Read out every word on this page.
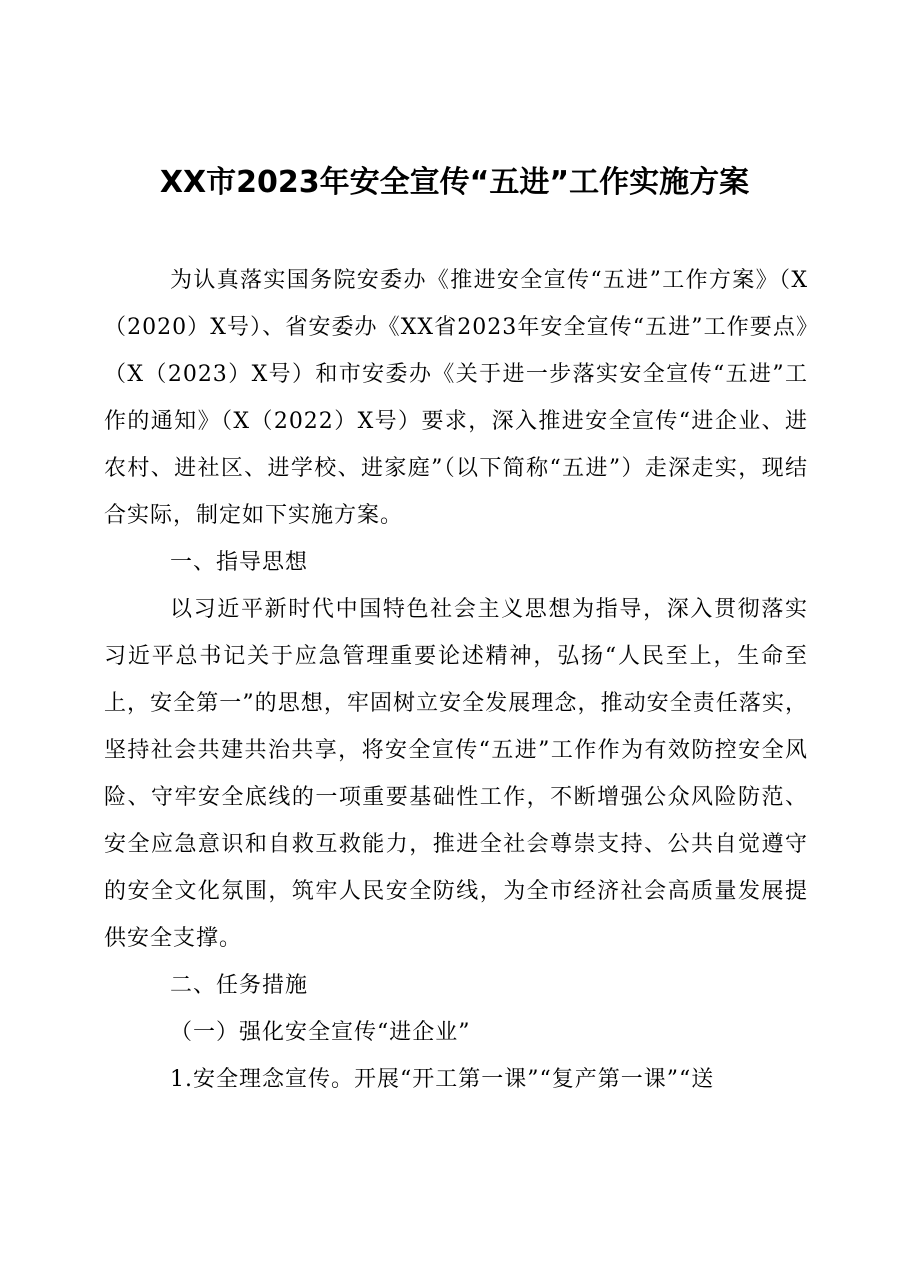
XX市2023年安全宣传“五进”工作实施方案

为认真落实国务院安委办《推进安全宣传“五进”工作方案》（X（2020）X号）、省安委办《XX省2023年安全宣传“五进”工作要点》（X（2023）X号）和市安委办《关于进一步落实安全宣传“五进”工作的通知》（X（2022）X号）要求，深入推进安全宣传“进企业、进农村、进社区、进学校、进家庭”（以下简称“五进”）走深走实，现结合实际，制定如下实施方案。

一、指导思想

以习近平新时代中国特色社会主义思想为指导，深入贯彻落实习近平总书记关于应急管理重要论述精神，弘扬“人民至上，生命至上，安全第一”的思想，牢固树立安全发展理念，推动安全责任落实，坚持社会共建共治共享，将安全宣传“五进”工作作为有效防控安全风险、守牢安全底线的一项重要基础性工作，不断增强公众风险防范、安全应急意识和自救互救能力，推进全社会尊崇支持、公共自觉遵守的安全文化氛围，筑牢人民安全防线，为全市经济社会高质量发展提供安全支撑。

二、任务措施

（一）强化安全宣传“进企业”

1.安全理念宣传。开展“开工第一课”“复产第一课”“送
